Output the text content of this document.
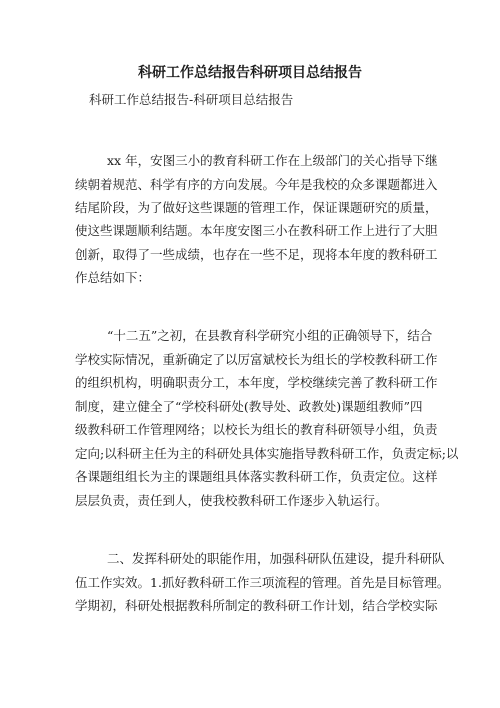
科研工作总结报告科研项目总结报告
科研工作总结报告-科研项目总结报告
xx 年，安图三小的教育科研工作在上级部门的关心指导下继
续朝着规范、科学有序的方向发展。今年是我校的众多课题都进入
结尾阶段，为了做好这些课题的管理工作，保证课题研究的质量，
使这些课题顺利结题。本年度安图三小在教科研工作上进行了大胆
创新，取得了一些成绩，也存在一些不足，现将本年度的教科研工
作总结如下：
“十二五”之初，在县教育科学研究小组的正确领导下，结合
学校实际情况，重新确定了以厉富斌校长为组长的学校教科研工作
的组织机构，明确职责分工，本年度，学校继续完善了教科研工作
制度，建立健全了“学校科研处(教导处、政教处)课题组教师”四
级教科研工作管理网络；以校长为组长的教育科研领导小组，负责
定向;以科研主任为主的科研处具体实施指导教科研工作，负责定标;以
各课题组组长为主的课题组具体落实教科研工作，负责定位。这样
层层负责，责任到人，使我校教科研工作逐步入轨运行。
二、发挥科研处的职能作用，加强科研队伍建设，提升科研队
伍工作实效。1.抓好教科研工作三项流程的管理。首先是目标管理。
学期初，科研处根据教科所制定的教科研工作计划，结合学校实际
